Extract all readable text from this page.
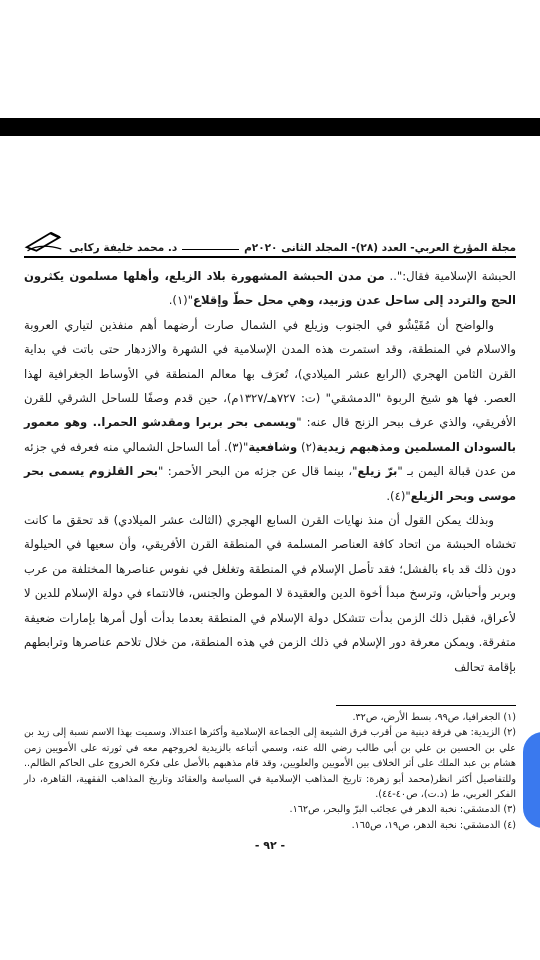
مجلة المؤرخ العربي- العدد (٢٨)- المجلد الثانى ٢٠٢٠م
د. محمد خليفة ركابى

الحبشة الإسلامية فقال:".. من مدن الحبشة المشهورة بلاد الزيلع، وأهلها مسلمون يكثرون الحج والتردد إلى ساحل عدن وزبيد، وهي محل حطّ وإقلاع"(١).

والواضح أن مُقَيْشُو في الجنوب وزيلع في الشمال صارت أرضهما أهم منفذين لتياري العروبة والاسلام في المنطقة، وقد استمرت هذه المدن الإسلامية في الشهرة والازدهار حتى باتت في بداية القرن الثامن الهجري (الرابع عشر الميلادي)، تُعرَف بها معالم المنطقة في الأوساط الجغرافية لهذا العصر. فها هو شيخ الربوة "الدمشقي" (ت: ٧٢٧هـ/١٣٢٧م)، حين قدم وصفًا للساحل الشرقي للقرن الأفريقي، والذي عرف ببحر الزنج قال عنه: "ويسمى بحر بربرا ومقدشو الحمرا.. وهو معمور بالسودان المسلمين ومذهبهم زيدية(٢) وشافعية"(٣). أما الساحل الشمالي منه فعرفه في جزئه من عدن قبالة اليمن بـ "برّ زيلع"، بينما قال عن جزئه من البحر الأحمر: "بحر القلزوم يسمى بحر موسى وبحر الزيلع"(٤).

وبذلك يمكن القول أن منذ نهايات القرن السابع الهجري (الثالث عشر الميلادي) قد تحقق ما كانت تخشاه الحبشة من اتحاد كافة العناصر المسلمة في المنطقة القرن الأفريقي، وأن سعيها في الحيلولة دون ذلك قد باء بالفشل؛ فقد تأصل الإسلام في المنطقة وتغلغل في نفوس عناصرها المختلفة من عرب وبربر وأحباش، وترسخ مبدأ أخوة الدين والعقيدة لا الموطن والجنس، فالانتماء في دولة الإسلام للدين لا لأعراق، فقبل ذلك الزمن بدأت تتشكل دولة الإسلام في المنطقة بعدما بدأت أول أمرها بإمارات ضعيفة متفرقة. ويمكن معرفة دور الإسلام في ذلك الزمن في هذه المنطقة، من خلال تلاحم عناصرها وترابطهم بإقامة تحالف

(١) الجغرافيا، ص٩٩، بسط الأرض، ص٣٢.

(٢) الزيدية: هي فرقة دينية من أقرب فرق الشيعة إلى الجماعة الإسلامية وأكثرها اعتدالا، وسميت بهذا الاسم نسبة إلى زيد بن علي بن الحسين بن علي بن أبي طالب رضي الله عنه، وسمي أتباعه بالزيدية لخروجهم معه في ثورته على الأمويين زمن هشام بن عبد الملك على أثر الخلاف بين الأمويين والعلويين، وقد قام مذهبهم بالأصل على فكرة الخروج على الحاكم الظالم.. وللتفاصيل أكثر انظر(محمد أبو زهرة: تاريخ المذاهب الإسلامية في السياسة والعقائد وتاريخ المذاهب الفقهية، القاهرة، دار الفكر العربي، ط (د.ت)، ص٤٠-٤٤).

(٣) الدمشقي: نخبة الدهر في عجائب البرّ والبحر، ص١٦٢.

(٤) الدمشقي: نخبة الدهر، ص١٩، ص١٦٥.

- ٩٢ -
